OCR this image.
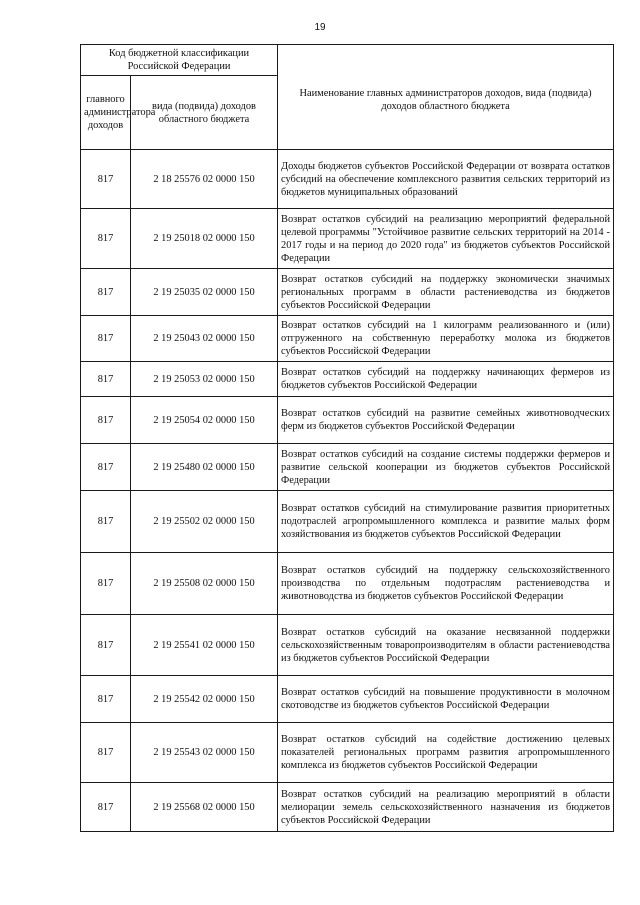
19
Код бюджетной классификации Российской Федерации		Наименование главных администраторов доходов, вида (подвида) доходов областного бюджета
главного администратора доходов	вида (подвида) доходов областного бюджета	
817	2 18 25576 02 0000 150	Доходы бюджетов субъектов Российской Федерации от возврата остатков субсидий на обеспечение комплексного развития сельских территорий из бюджетов муниципальных образований
817	2 19 25018 02 0000 150	Возврат остатков субсидий на реализацию мероприятий федеральной целевой программы "Устойчивое развитие сельских территорий на 2014 - 2017 годы и на период до 2020 года" из бюджетов субъектов Российской Федерации
817	2 19 25035 02 0000 150	Возврат остатков субсидий на поддержку экономически значимых региональных программ в области растениеводства из бюджетов субъектов Российской Федерации
817	2 19 25043 02 0000 150	Возврат остатков субсидий на 1 килограмм реализованного и (или) отгруженного на собственную переработку молока из бюджетов субъектов Российской Федерации
817	2 19 25053 02 0000 150	Возврат остатков субсидий на поддержку начинающих фермеров из бюджетов субъектов Российской Федерации
817	2 19 25054 02 0000 150	Возврат остатков субсидий на развитие семейных животноводческих ферм из бюджетов субъектов Российской Федерации
817	2 19 25480 02 0000 150	Возврат остатков субсидий на создание системы поддержки фермеров и развитие сельской кооперации из бюджетов субъектов Российской Федерации
817	2 19 25502 02 0000 150	Возврат остатков субсидий на стимулирование развития приоритетных подотраслей агропромышленного комплекса и развитие малых форм хозяйствования из бюджетов субъектов Российской Федерации
817	2 19 25508 02 0000 150	Возврат остатков субсидий на поддержку сельскохозяйственного производства по отдельным подотраслям растениеводства и животноводства из бюджетов субъектов Российской Федерации
817	2 19 25541 02 0000 150	Возврат остатков субсидий на оказание несвязанной поддержки сельскохозяйственным товаропроизводителям в области растениеводства из бюджетов субъектов Российской Федерации
817	2 19 25542 02 0000 150	Возврат остатков субсидий на повышение продуктивности в молочном скотоводстве из бюджетов субъектов Российской Федерации
817	2 19 25543 02 0000 150	Возврат остатков субсидий на содействие достижению целевых показателей региональных программ развития агропромышленного комплекса из бюджетов субъектов Российской Федерации
817	2 19 25568 02 0000 150	Возврат остатков субсидий на реализацию мероприятий в области мелиорации земель сельскохозяйственного назначения из бюджетов субъектов Российской Федерации
